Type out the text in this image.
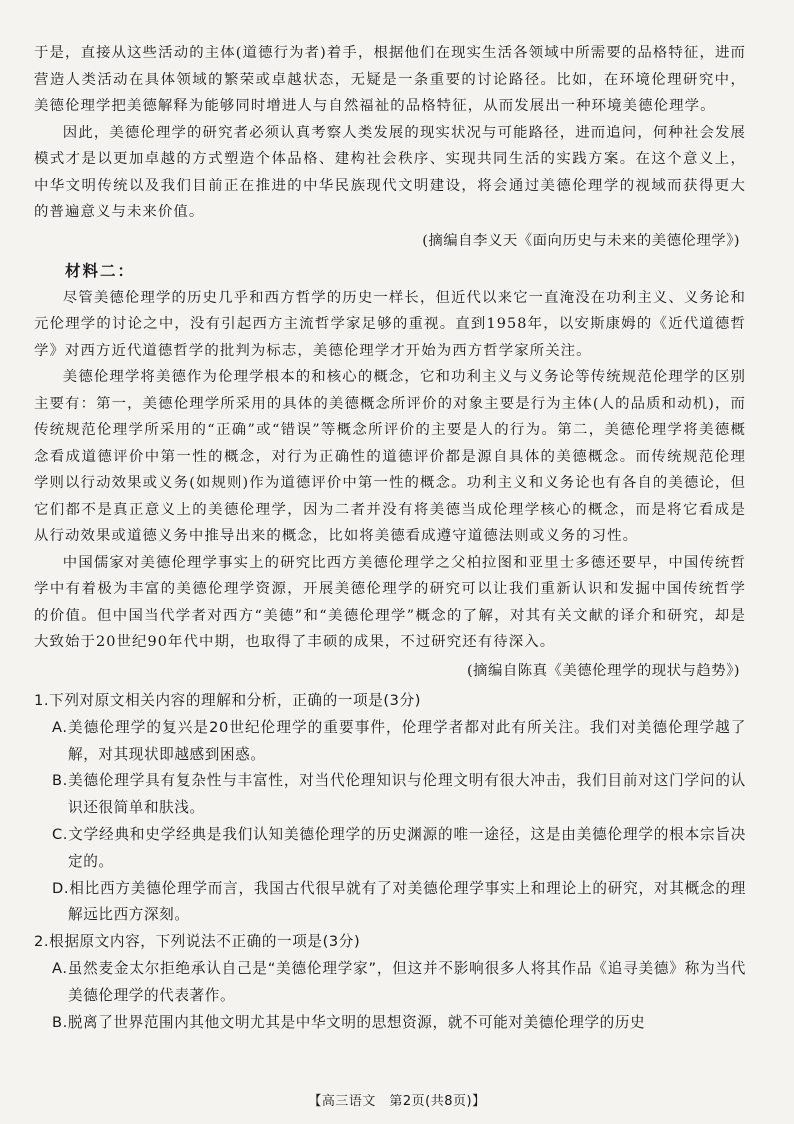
于是，直接从这些活动的主体(道德行为者)着手，根据他们在现实生活各领域中所需要的品格特征，进而营造人类活动在具体领域的繁荣或卓越状态，无疑是一条重要的讨论路径。比如，在环境伦理研究中，美德伦理学把美德解释为能够同时增进人与自然福祉的品格特征，从而发展出一种环境美德伦理学。

因此，美德伦理学的研究者必须认真考察人类发展的现实状况与可能路径，进而追问，何种社会发展模式才是以更加卓越的方式塑造个体品格、建构社会秩序、实现共同生活的实践方案。在这个意义上，中华文明传统以及我们目前正在推进的中华民族现代文明建设，将会通过美德伦理学的视域而获得更大的普遍意义与未来价值。

(摘编自李义天《面向历史与未来的美德伦理学》)

材料二：

尽管美德伦理学的历史几乎和西方哲学的历史一样长，但近代以来它一直淹没在功利主义、义务论和元伦理学的讨论之中，没有引起西方主流哲学家足够的重视。直到1958年，以安斯康姆的《近代道德哲学》对西方近代道德哲学的批判为标志，美德伦理学才开始为西方哲学家所关注。

美德伦理学将美德作为伦理学根本的和核心的概念，它和功利主义与义务论等传统规范伦理学的区别主要有：第一，美德伦理学所采用的具体的美德概念所评价的对象主要是行为主体(人的品质和动机)，而传统规范伦理学所采用的“正确”或“错误”等概念所评价的主要是人的行为。第二，美德伦理学将美德概念看成道德评价中第一性的概念，对行为正确性的道德评价都是源自具体的美德概念。而传统规范伦理学则以行动效果或义务(如规则)作为道德评价中第一性的概念。功利主义和义务论也有各自的美德论，但它们都不是真正意义上的美德伦理学，因为二者并没有将美德当成伦理学核心的概念，而是将它看成是从行动效果或道德义务中推导出来的概念，比如将美德看成遵守道德法则或义务的习性。

中国儒家对美德伦理学事实上的研究比西方美德伦理学之父柏拉图和亚里士多德还要早，中国传统哲学中有着极为丰富的美德伦理学资源，开展美德伦理学的研究可以让我们重新认识和发掘中国传统哲学的价值。但中国当代学者对西方“美德”和“美德伦理学”概念的了解，对其有关文献的译介和研究，却是大致始于20世纪90年代中期，也取得了丰硕的成果，不过研究还有待深入。

(摘编自陈真《美德伦理学的现状与趋势》)

1.下列对原文相关内容的理解和分析，正确的一项是(3分)

A.美德伦理学的复兴是20世纪伦理学的重要事件，伦理学者都对此有所关注。我们对美德伦理学越了解，对其现状即越感到困惑。

B.美德伦理学具有复杂性与丰富性，对当代伦理知识与伦理文明有很大冲击，我们目前对这门学问的认识还很简单和肤浅。

C.文学经典和史学经典是我们认知美德伦理学的历史渊源的唯一途径，这是由美德伦理学的根本宗旨决定的。

D.相比西方美德伦理学而言，我国古代很早就有了对美德伦理学事实上和理论上的研究，对其概念的理解远比西方深刻。

2.根据原文内容，下列说法不正确的一项是(3分)

A.虽然麦金太尔拒绝承认自己是“美德伦理学家”，但这并不影响很多人将其作品《追寻美德》称为当代美德伦理学的代表著作。

B.脱离了世界范围内其他文明尤其是中华文明的思想资源，就不可能对美德伦理学的历史

【高三语文　第2页(共8页)】
